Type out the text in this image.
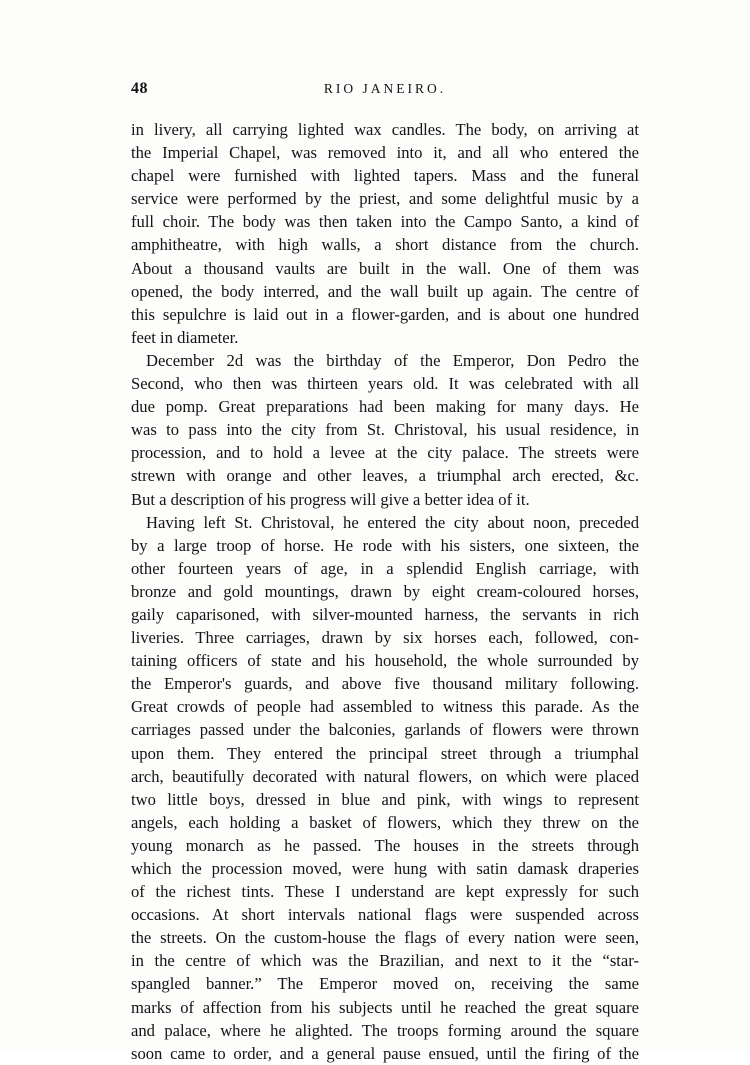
48	RIO JANEIRO.
in livery, all carrying lighted wax candles. The body, on arriving at
the Imperial Chapel, was removed into it, and all who entered the
chapel were furnished with lighted tapers. Mass and the funeral
service were performed by the priest, and some delightful music by a
full choir. The body was then taken into the Campo Santo, a kind of
amphitheatre, with high walls, a short distance from the church.
About a thousand vaults are built in the wall. One of them was
opened, the body interred, and the wall built up again. The centre of
this sepulchre is laid out in a flower-garden, and is about one hundred
feet in diameter.
December 2d was the birthday of the Emperor, Don Pedro the
Second, who then was thirteen years old. It was celebrated with all
due pomp. Great preparations had been making for many days. He
was to pass into the city from St. Christoval, his usual residence, in
procession, and to hold a levee at the city palace. The streets were
strewn with orange and other leaves, a triumphal arch erected, &c.
But a description of his progress will give a better idea of it.
Having left St. Christoval, he entered the city about noon, preceded
by a large troop of horse. He rode with his sisters, one sixteen, the
other fourteen years of age, in a splendid English carriage, with
bronze and gold mountings, drawn by eight cream-coloured horses,
gaily caparisoned, with silver-mounted harness, the servants in rich
liveries. Three carriages, drawn by six horses each, followed, con-
taining officers of state and his household, the whole surrounded by
the Emperor's guards, and above five thousand military following.
Great crowds of people had assembled to witness this parade. As the
carriages passed under the balconies, garlands of flowers were thrown
upon them. They entered the principal street through a triumphal
arch, beautifully decorated with natural flowers, on which were placed
two little boys, dressed in blue and pink, with wings to represent
angels, each holding a basket of flowers, which they threw on the
young monarch as he passed. The houses in the streets through
which the procession moved, were hung with satin damask draperies
of the richest tints. These I understand are kept expressly for such
occasions. At short intervals national flags were suspended across
the streets. On the custom-house the flags of every nation were seen,
in the centre of which was the Brazilian, and next to it the “star-
spangled banner.” The Emperor moved on, receiving the same
marks of affection from his subjects until he reached the great square
and palace, where he alighted. The troops forming around the square
soon came to order, and a general pause ensued, until the firing of the
